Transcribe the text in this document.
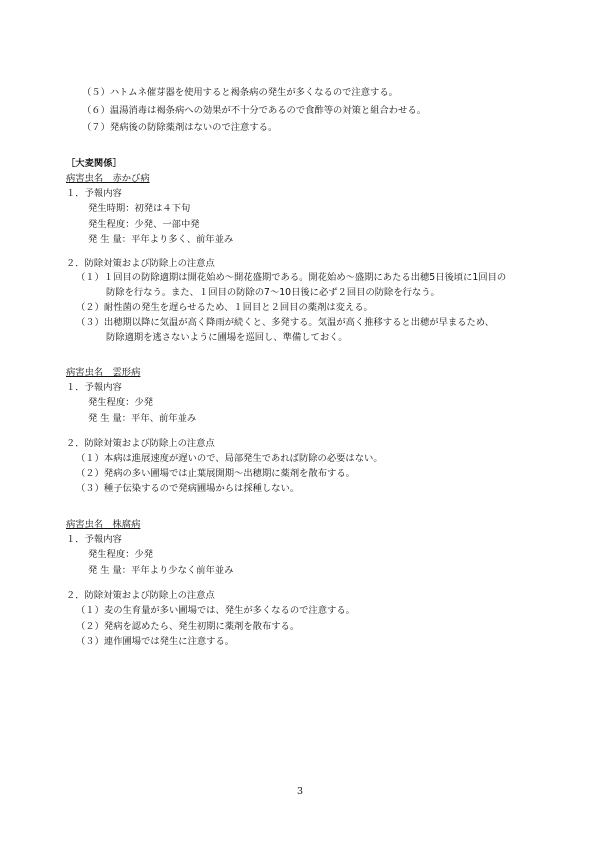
（５）ハトムネ催芽器を使用すると褐条病の発生が多くなるので注意する。
（６）温湯消毒は褐条病への効果が不十分であるので食酢等の対策と組合わせる。
（７）発病後の防除薬剤はないので注意する。
［大麦関係］
病害虫名　赤かび病
１．予報内容
発生時期：初発は４下旬
発生程度：少発、一部中発
発 生 量：平年より多く、前年並み
２．防除対策および防除上の注意点
（１）１回目の防除適期は開花始め～開花盛期である。開花始め～盛期にあたる出穂5日後頃に1回目の
防除を行なう。また、１回目の防除の7～10日後に必ず２回目の防除を行なう。
（２）耐性菌の発生を遅らせるため、１回目と２回目の薬剤は変える。
（３）出穂期以降に気温が高く降雨が続くと、多発する。気温が高く推移すると出穂が早まるため、
防除適期を逃さないように圃場を巡回し、準備しておく。
病害虫名　雲形病
１．予報内容
発生程度：少発
発 生 量：平年、前年並み
２．防除対策および防除上の注意点
（１）本病は進展速度が遅いので、局部発生であれば防除の必要はない。
（２）発病の多い圃場では止葉展開期～出穂期に薬剤を散布する。
（３）種子伝染するので発病圃場からは採種しない。
病害虫名　株腐病
１．予報内容
発生程度：少発
発 生 量：平年より少なく前年並み
２．防除対策および防除上の注意点
（１）麦の生育量が多い圃場では、発生が多くなるので注意する。
（２）発病を認めたら、発生初期に薬剤を散布する。
（３）連作圃場では発生に注意する。
3
